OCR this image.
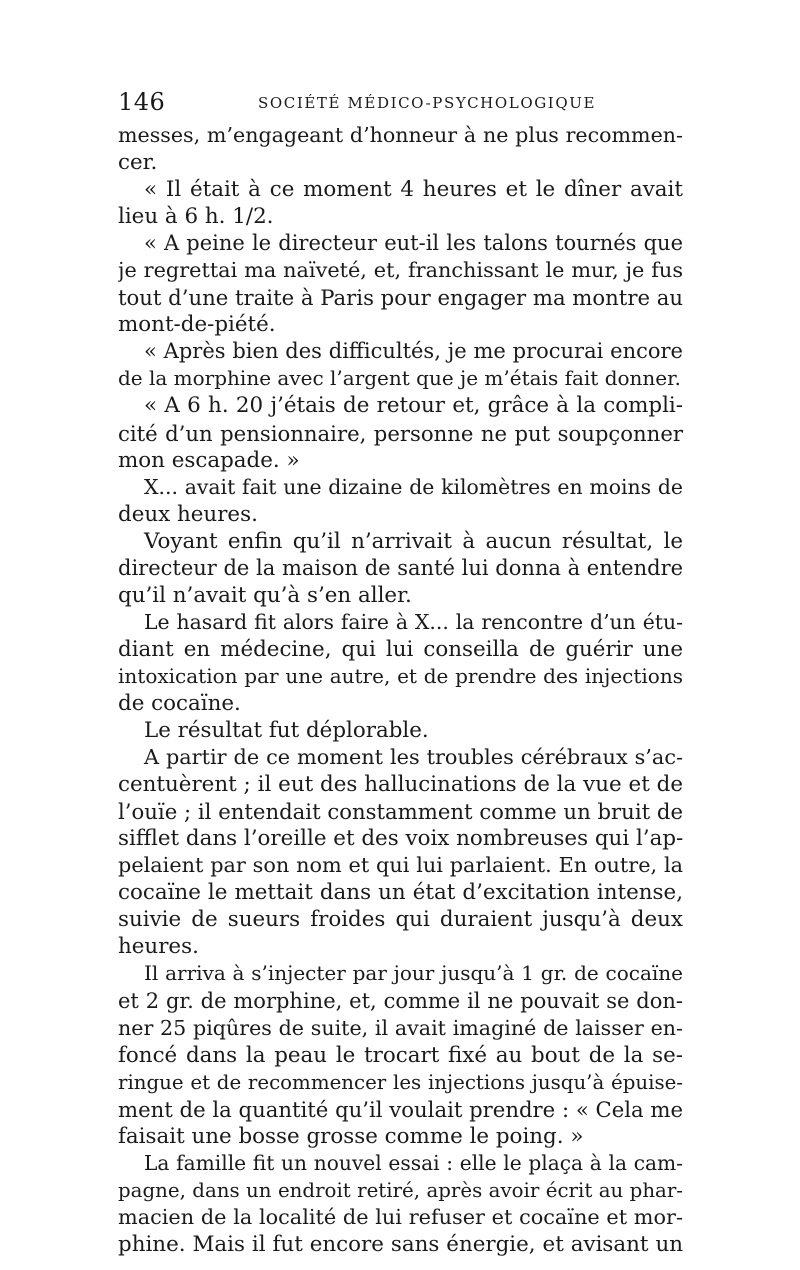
146	SOCIÉTÉ MÉDICO-PSYCHOLOGIQUE
messes, m’engageant d’honneur à ne plus recommen-
cer.
« Il était à ce moment 4 heures et le dîner avait
lieu à 6 h. 1/2.
« A peine le directeur eut-il les talons tournés que
je regrettai ma naïveté, et, franchissant le mur, je fus
tout d’une traite à Paris pour engager ma montre au
mont-de-piété.
« Après bien des difficultés, je me procurai encore
de la morphine avec l’argent que je m’étais fait donner.
« A 6 h. 20 j’étais de retour et, grâce à la compli-
cité d’un pensionnaire, personne ne put soupçonner
mon escapade. »
X... avait fait une dizaine de kilomètres en moins de
deux heures.
Voyant enfin qu’il n’arrivait à aucun résultat, le
directeur de la maison de santé lui donna à entendre
qu’il n’avait qu’à s’en aller.
Le hasard fit alors faire à X... la rencontre d’un étu-
diant en médecine, qui lui conseilla de guérir une
intoxication par une autre, et de prendre des injections
de cocaïne.
Le résultat fut déplorable.
A partir de ce moment les troubles cérébraux s’ac-
centuèrent ; il eut des hallucinations de la vue et de
l’ouïe ; il entendait constamment comme un bruit de
sifflet dans l’oreille et des voix nombreuses qui l’ap-
pelaient par son nom et qui lui parlaient. En outre, la
cocaïne le mettait dans un état d’excitation intense,
suivie de sueurs froides qui duraient jusqu’à deux
heures.
Il arriva à s’injecter par jour jusqu’à 1 gr. de cocaïne
et 2 gr. de morphine, et, comme il ne pouvait se don-
ner 25 piqûres de suite, il avait imaginé de laisser en-
foncé dans la peau le trocart fixé au bout de la se-
ringue et de recommencer les injections jusqu’à épuise-
ment de la quantité qu’il voulait prendre : « Cela me
faisait une bosse grosse comme le poing. »
La famille fit un nouvel essai : elle le plaça à la cam-
pagne, dans un endroit retiré, après avoir écrit au phar-
macien de la localité de lui refuser et cocaïne et mor-
phine. Mais il fut encore sans énergie, et avisant un
